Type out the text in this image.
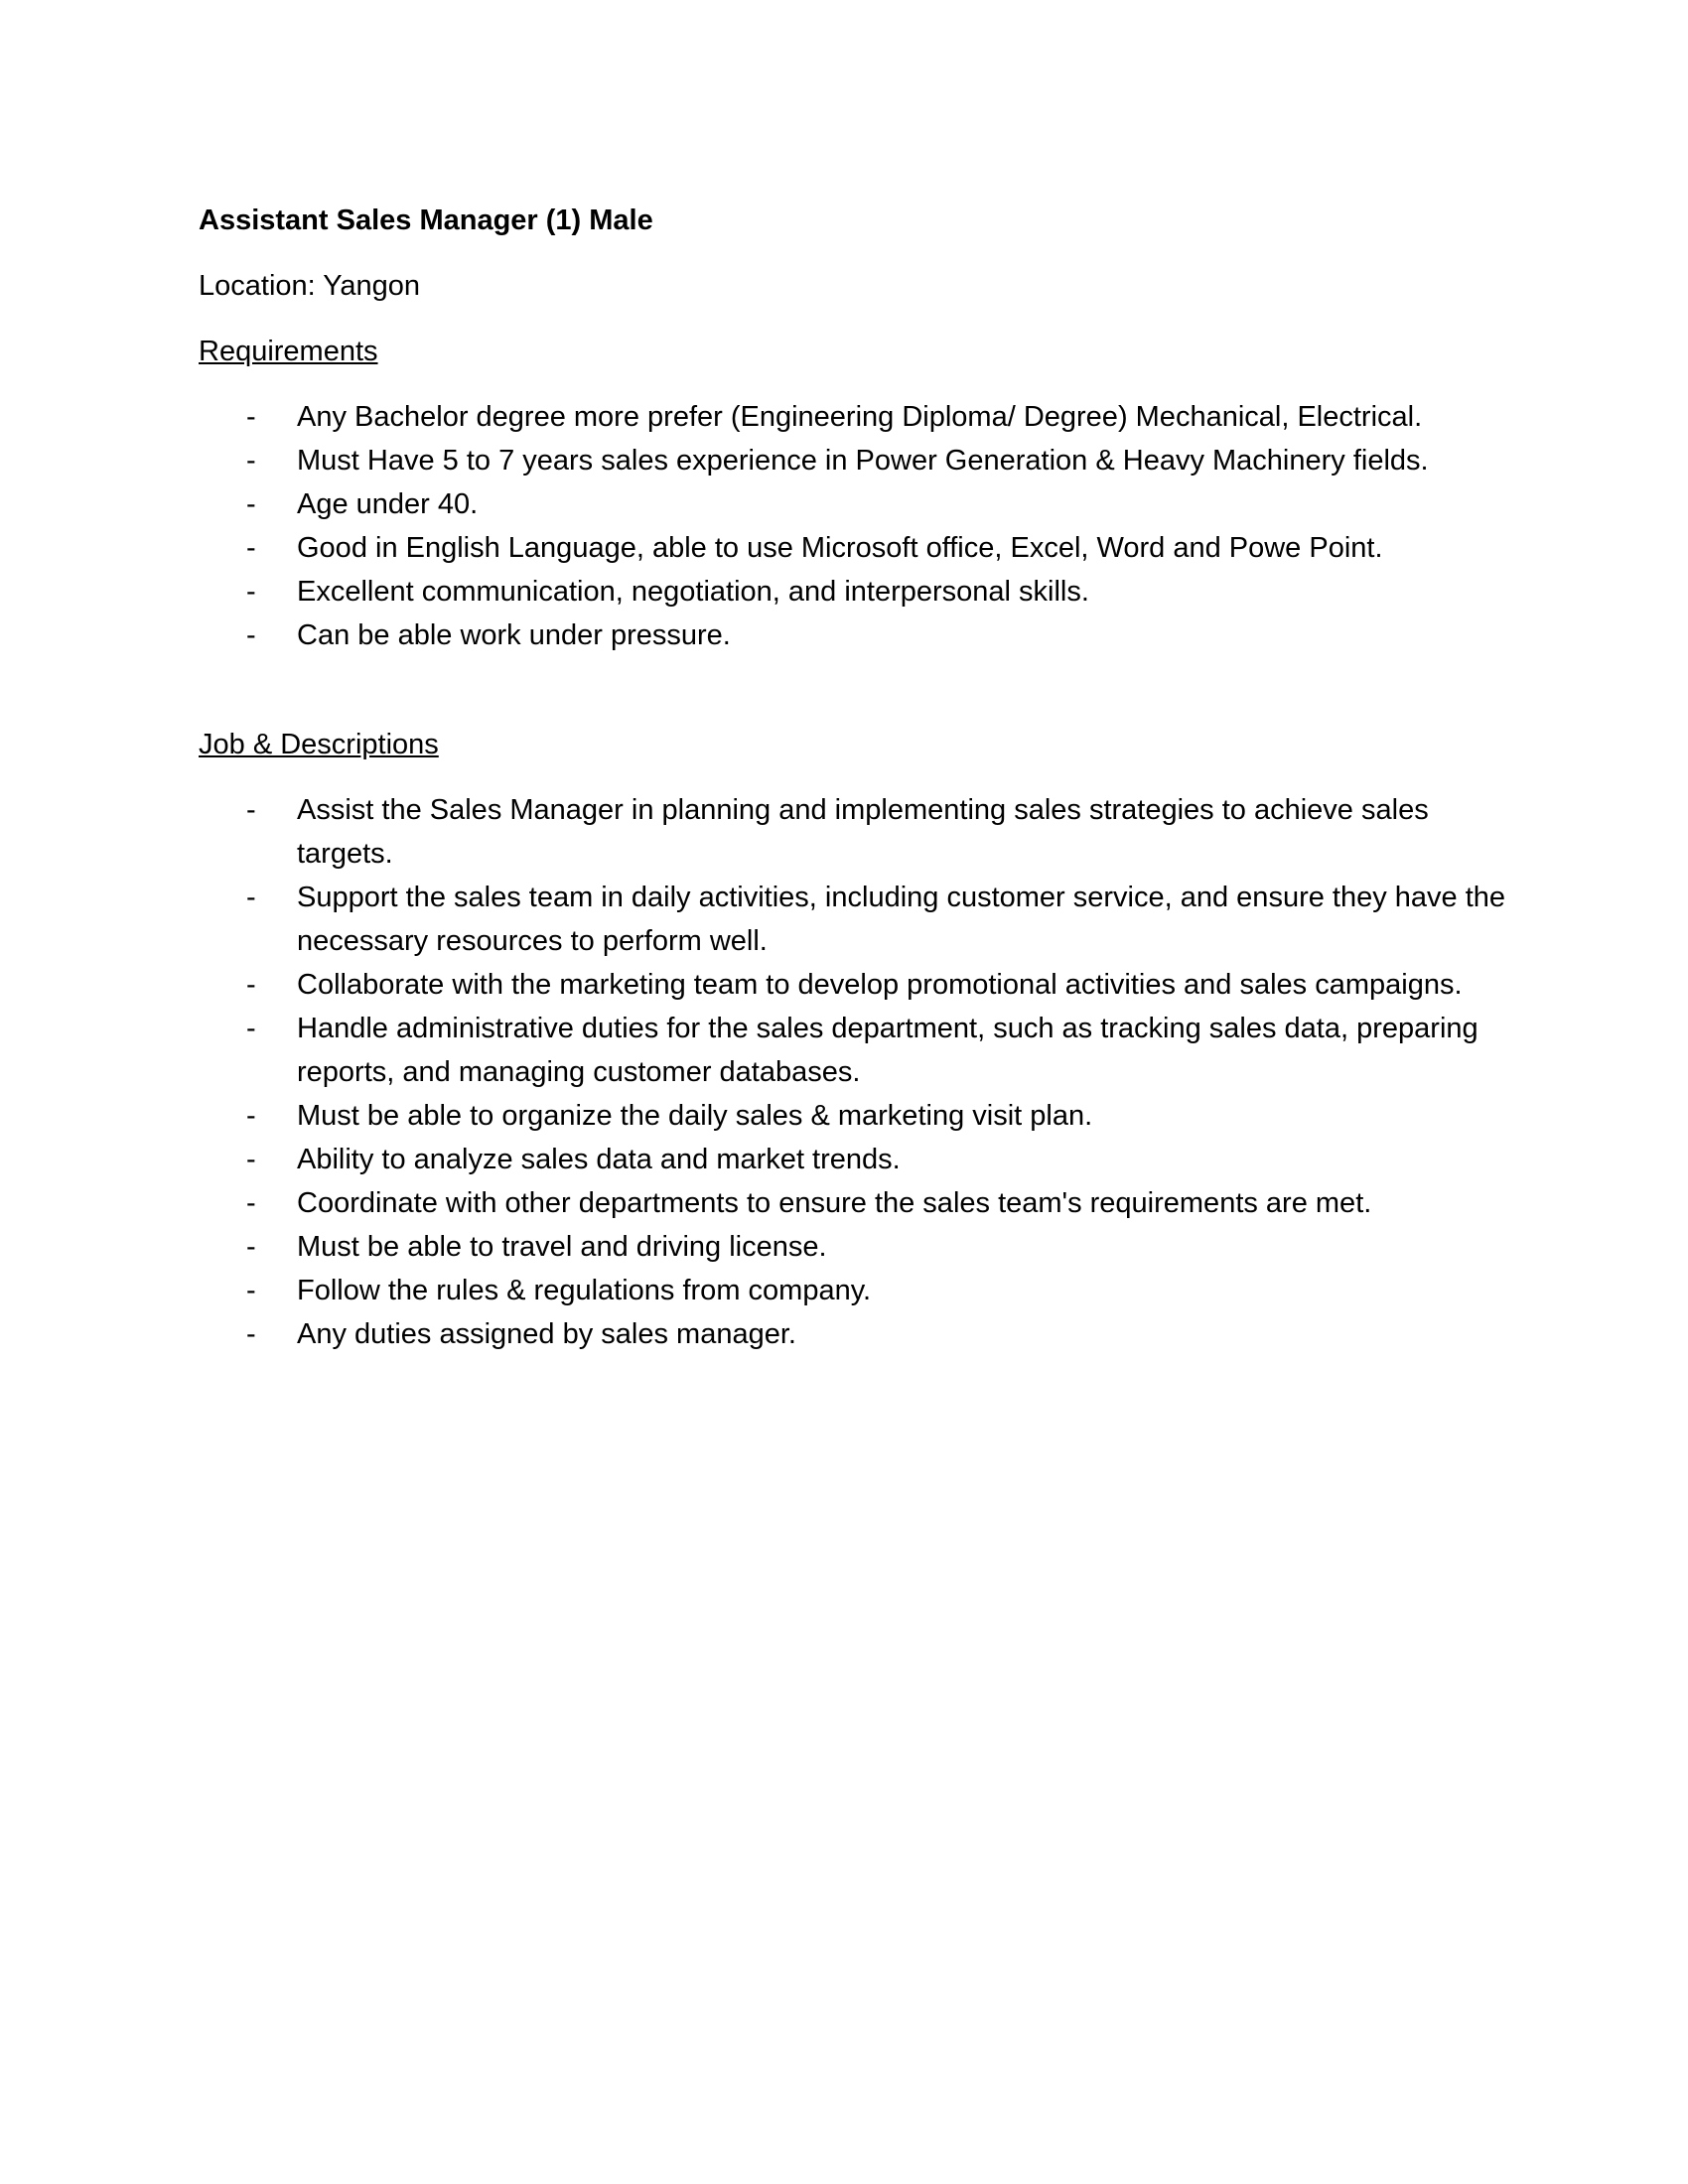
Assistant Sales Manager (1) Male
Location: Yangon
Requirements
- Any Bachelor degree more prefer (Engineering Diploma/ Degree) Mechanical, Electrical.
- Must Have 5 to 7 years sales experience in Power Generation & Heavy Machinery fields.
- Age under 40.
- Good in English Language, able to use Microsoft office, Excel, Word and Powe Point.
- Excellent communication, negotiation, and interpersonal skills.
- Can be able work under pressure.
Job & Descriptions
- Assist the Sales Manager in planning and implementing sales strategies to achieve sales targets.
- Support the sales team in daily activities, including customer service, and ensure they have the necessary resources to perform well.
- Collaborate with the marketing team to develop promotional activities and sales campaigns.
- Handle administrative duties for the sales department, such as tracking sales data, preparing reports, and managing customer databases.
- Must be able to organize the daily sales & marketing visit plan.
- Ability to analyze sales data and market trends.
- Coordinate with other departments to ensure the sales team's requirements are met.
- Must be able to travel and driving license.
- Follow the rules & regulations from company.
- Any duties assigned by sales manager.
